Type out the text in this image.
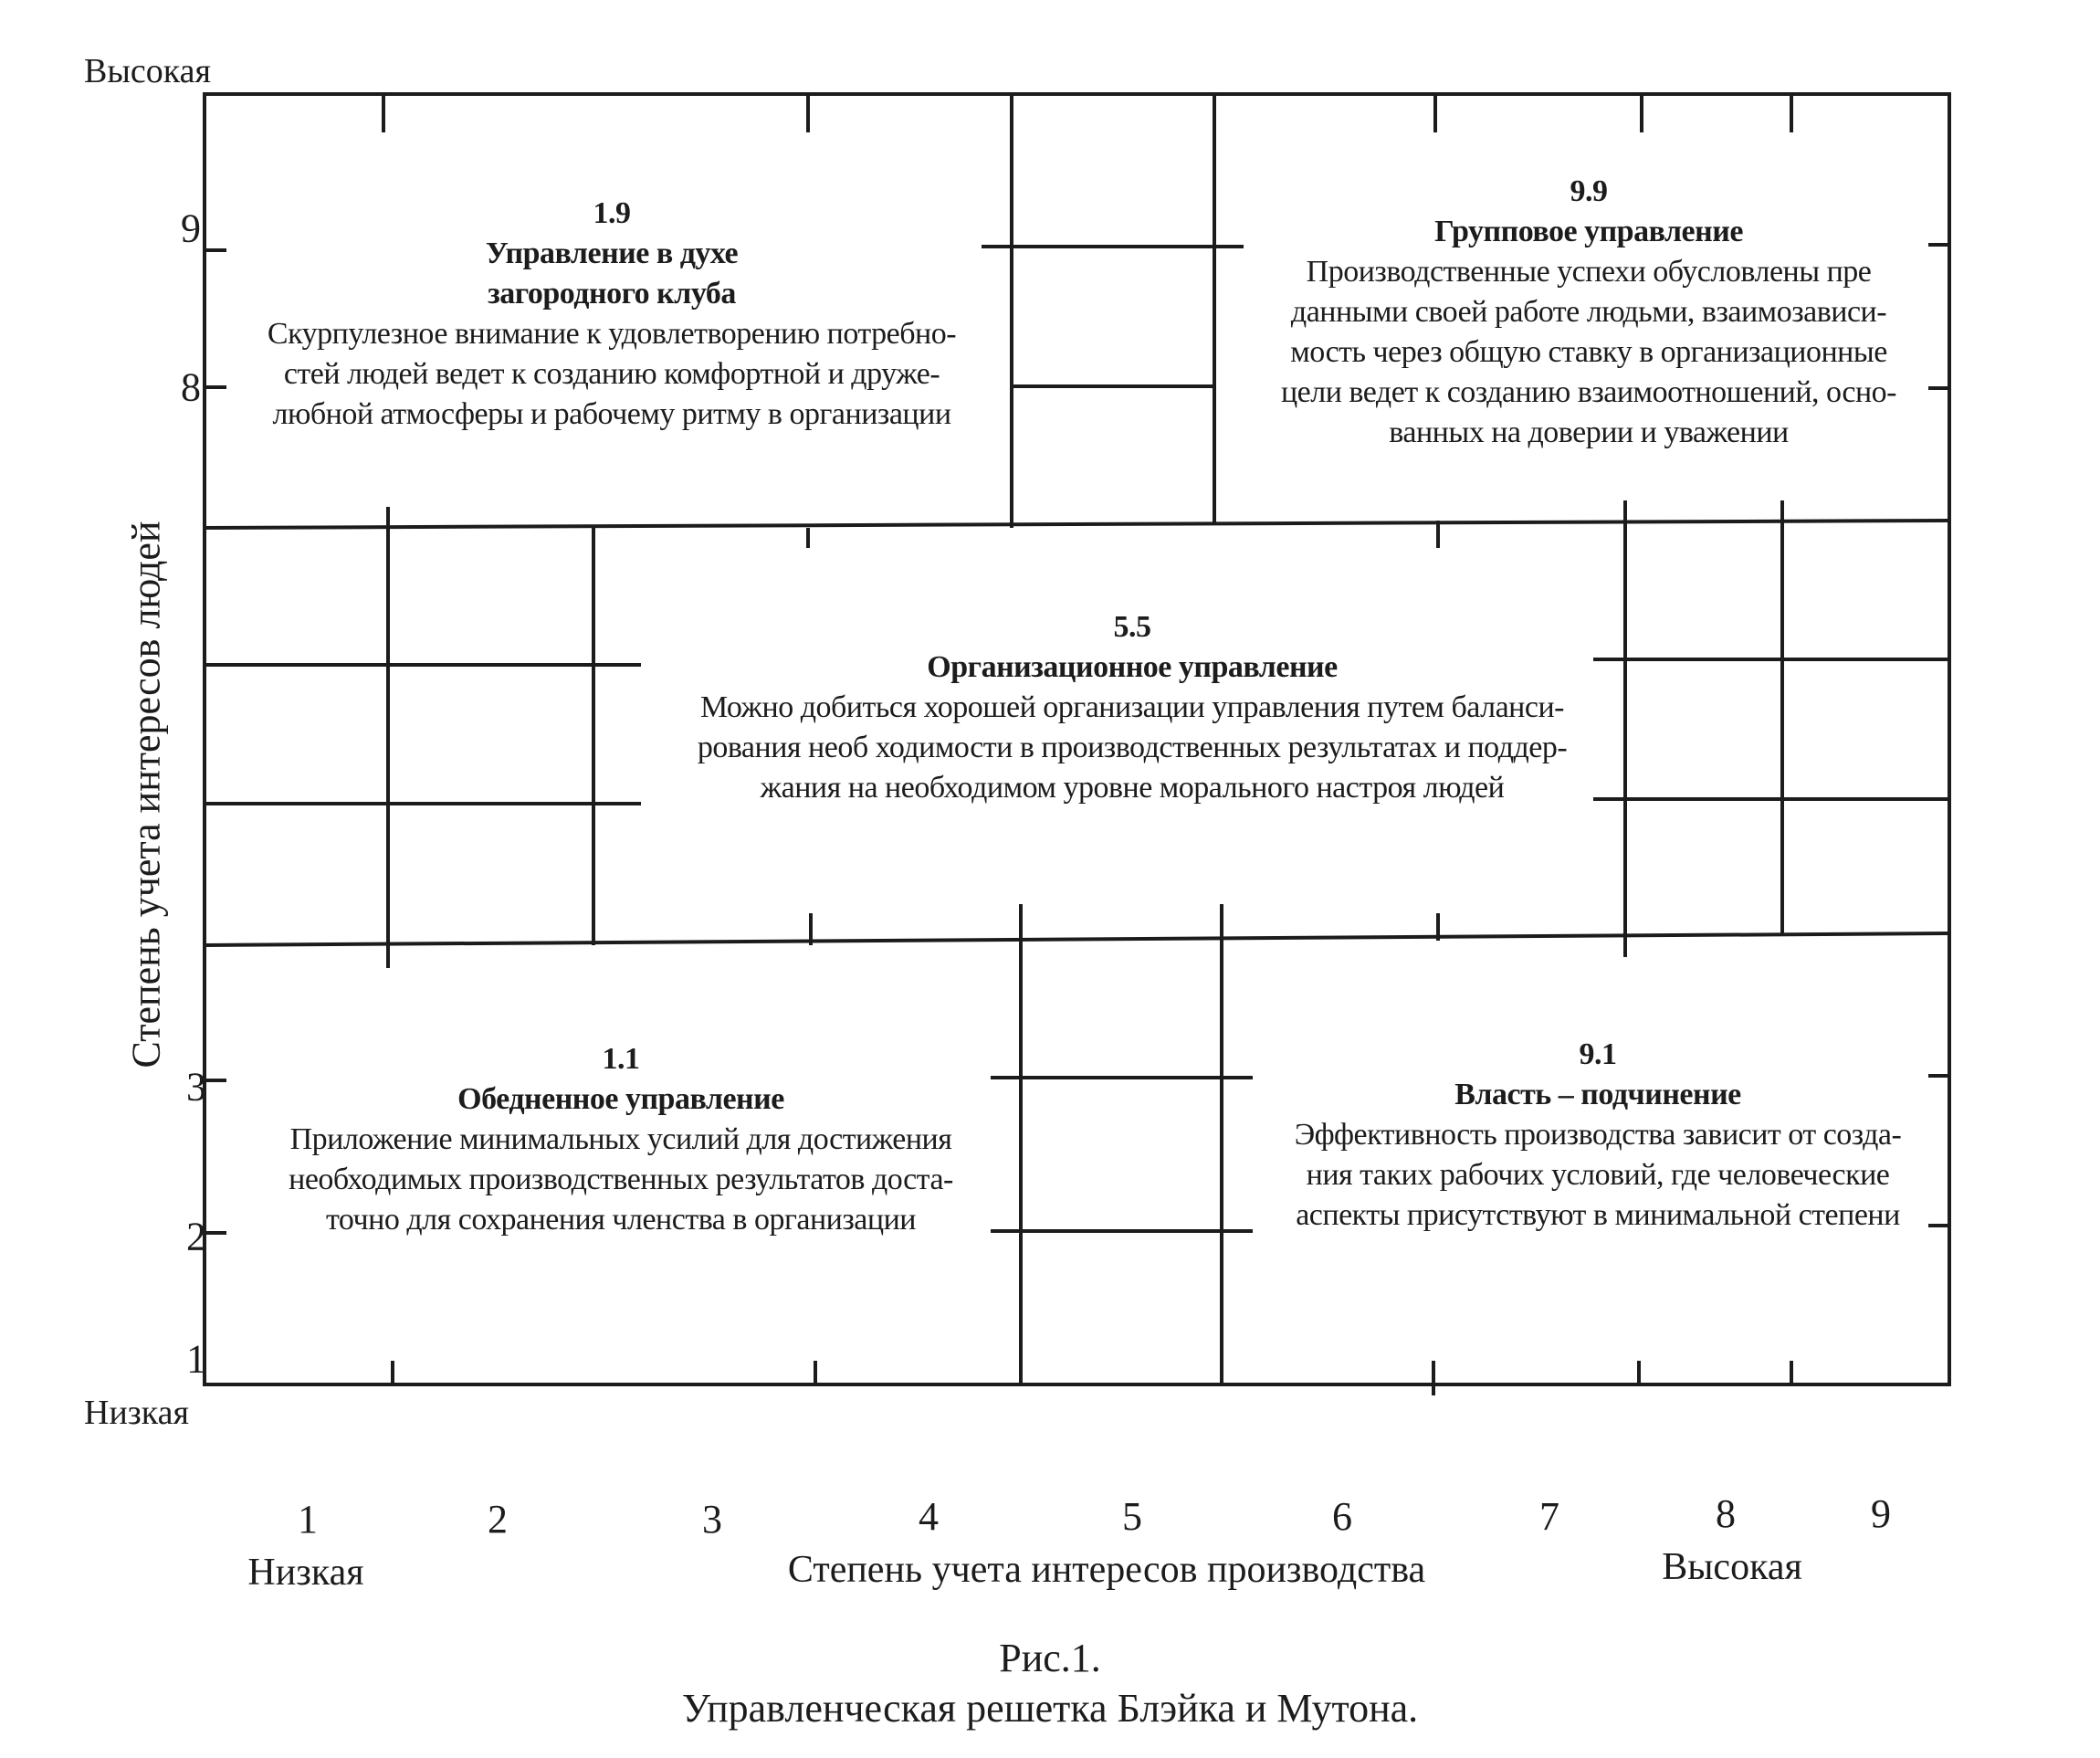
Высокая
Низкая
9
8
3
2
1
Степень учета интересов людей
1	2	3	4	5	6	7	8	9
Низкая	Степень учета интересов производства	Высокая
1.9
Управление в духе
загородного клуба
Скурпулезное внимание к удовлетворению потребно-
стей людей ведет к созданию комфортной и друже-
любной атмосферы и рабочему ритму в организации
9.9
Групповое управление
Производственные успехи обусловлены пре
данными своей работе людьми, взаимозависи-
мость через общую ставку в организационные
цели ведет к созданию взаимоотношений, осно-
ванных на доверии и уважении
5.5
Организационное управление
Можно добиться хорошей организации управления путем баланси-
рования необ ходимости в производственных результатах и поддер-
жания на необходимом уровне морального настроя людей
1.1
Обедненное управление
Приложение минимальных усилий для достижения
необходимых производственных результатов доста-
точно для сохранения членства в организации
9.1
Власть – подчинение
Эффективность производства зависит от созда-
ния таких рабочих условий, где человеческие
аспекты присутствуют в минимальной степени
Рис.1.
Управленческая решетка Блэйка и Мутона.
